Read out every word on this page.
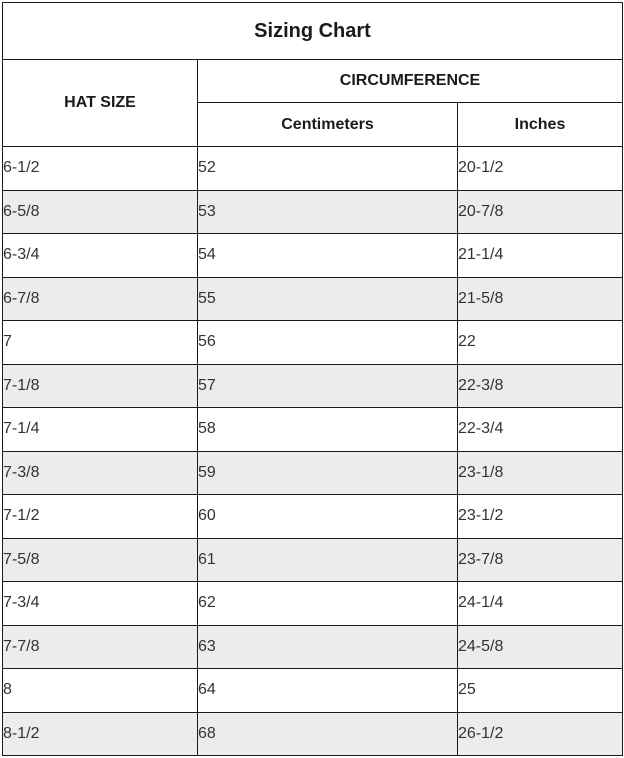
Sizing Chart		
HAT SIZE	CIRCUMFERENCE	
	Centimeters	Inches
6-1/2	52	20-1/2
6-5/8	53	20-7/8
6-3/4	54	21-1/4
6-7/8	55	21-5/8
7	56	22
7-1/8	57	22-3/8
7-1/4	58	22-3/4
7-3/8	59	23-1/8
7-1/2	60	23-1/2
7-5/8	61	23-7/8
7-3/4	62	24-1/4
7-7/8	63	24-5/8
8	64	25
8-1/2	68	26-1/2
